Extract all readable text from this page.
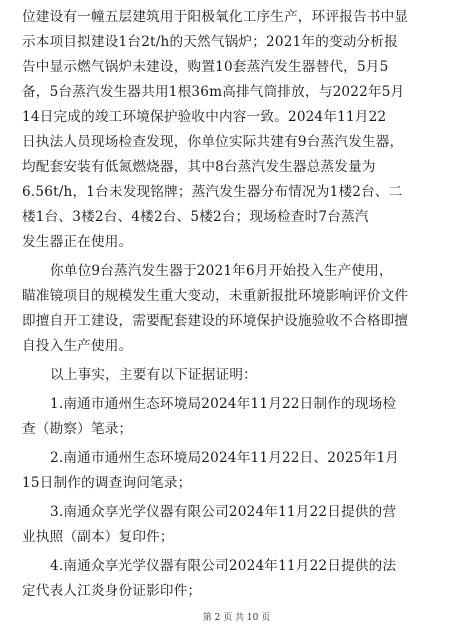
位建设有一幢五层建筑用于阳极氧化工序生产，环评报告书中显
示本项目拟建设1台2t/h的天然气锅炉；2021年的变动分析报
告中显示燃气锅炉未建设，购置10套蒸汽发生器替代，5月5
备，5台蒸汽发生器共用1根36m高排气筒排放，与2022年5月
14日完成的竣工环境保护验收中内容一致。2024年11月22
日执法人员现场检查发现，你单位实际共建有9台蒸汽发生器，
均配套安装有低氮燃烧器，其中8台蒸汽发生器总蒸发量为
6.56t/h，1台未发现铭牌；蒸汽发生器分布情况为1楼2台、二
楼1台、3楼2台、4楼2台、5楼2台；现场检查时7台蒸汽
发生器正在使用。
你单位9台蒸汽发生器于2021年6月开始投入生产使用，
瞄准镜项目的规模发生重大变动，未重新报批环境影响评价文件
即擅自开工建设，需要配套建设的环境保护设施验收不合格即擅
自投入生产使用。
以上事实，主要有以下证据证明：
1.南通市通州生态环境局2024年11月22日制作的现场检
查（勘察）笔录；
2.南通市通州生态环境局2024年11月22日、2025年1月
15日制作的调查询问笔录；
3.南通众享光学仪器有限公司2024年11月22日提供的营
业执照（副本）复印件；
4.南通众享光学仪器有限公司2024年11月22日提供的法
定代表人江炎身份证影印件；
第 2 页 共 10 页
